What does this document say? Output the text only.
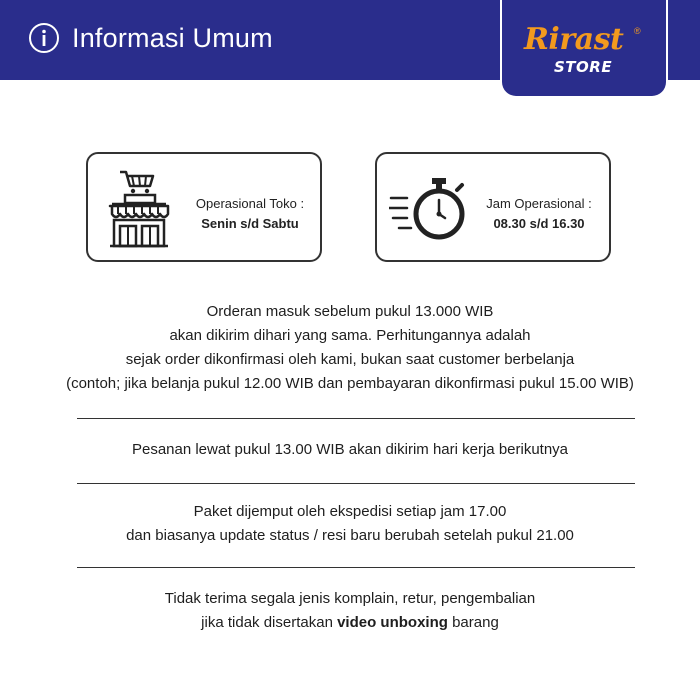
Informasi Umum	Rirast ®
STORE
Operasional Toko :
Senin s/d Sabtu
Jam Operasional :
08.30 s/d 16.30

Orderan masuk sebelum pukul 13.000 WIB

akan dikirim dihari yang sama. Perhitungannya adalah

sejak order dikonfirmasi oleh kami, bukan saat customer berbelanja

(contoh; jika belanja pukul 12.00 WIB dan pembayaran dikonfirmasi pukul 15.00 WIB)

Pesanan lewat pukul 13.00 WIB akan dikirim hari kerja berikutnya

Paket dijemput oleh ekspedisi setiap jam 17.00

dan biasanya update status / resi baru berubah setelah pukul 21.00

Tidak terima segala jenis komplain, retur, pengembalian

jika tidak disertakan video unboxing barang
